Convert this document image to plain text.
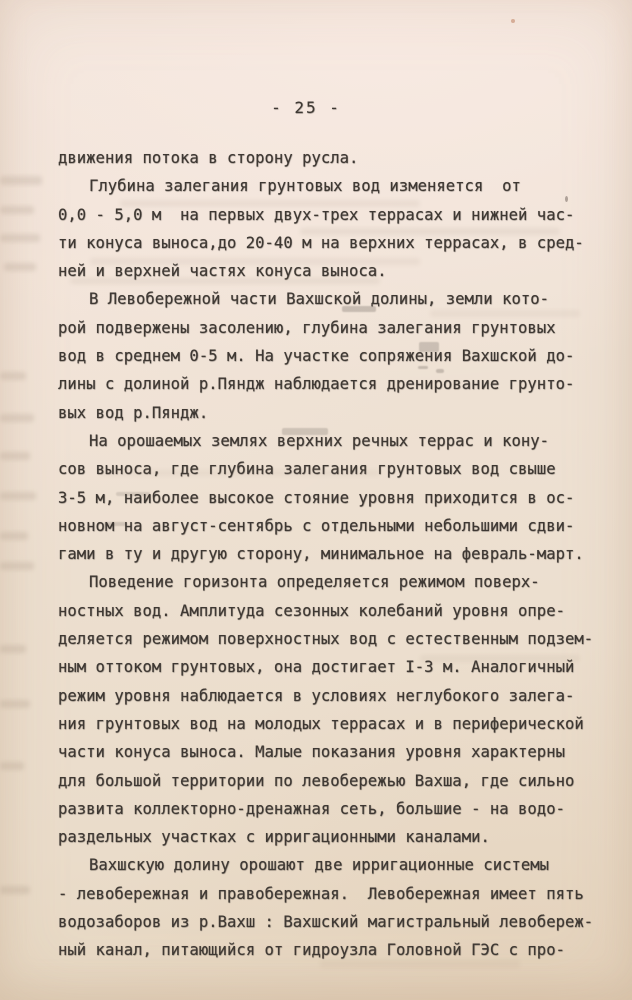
- 25 -
движения потока в сторону русла.
Глубина залегания грунтовых вод изменяется  от
0,0 - 5,0 м  на первых двух-трех террасах и нижней час-
ти конуса выноса,до 20-40 м на верхних террасах, в сред-
ней и верхней частях конуса выноса.
В Левобережной части Вахшской долины, земли кото-
рой подвержены засолению, глубина залегания грунтовых
вод в среднем 0-5 м. На участке сопряжения Вахшской до-
лины с долиной р.Пяндж наблюдается дренирование грунто-
вых вод р.Пяндж.
На орошаемых землях верхних речных террас и кону-
сов выноса, где глубина залегания грунтовых вод свыше
3-5 м, наиболее высокое стояние уровня приходится в ос-
новном на август-сентябрь с отдельными небольшими сдви-
гами в ту и другую сторону, минимальное на февраль-март.
Поведение горизонта определяется режимом поверх-
ностных вод. Амплитуда сезонных колебаний уровня опре-
деляется режимом поверхностных вод с естественным подзем-
ным оттоком грунтовых, она достигает I-3 м. Аналогичный
режим уровня наблюдается в условиях неглубокого залега-
ния грунтовых вод на молодых террасах и в периферической
части конуса выноса. Малые показания уровня характерны
для большой территории по левобережью Вахша, где сильно
развита коллекторно-дренажная сеть, большие - на водо-
раздельных участках с ирригационными каналами.
Вахшскую долину орошают две ирригационные системы
- левобережная и правобережная.  Левобережная имеет пять
водозаборов из р.Вахш : Вахшский магистральный левобереж-
ный канал, питающийся от гидроузла Головной ГЭС с про-
